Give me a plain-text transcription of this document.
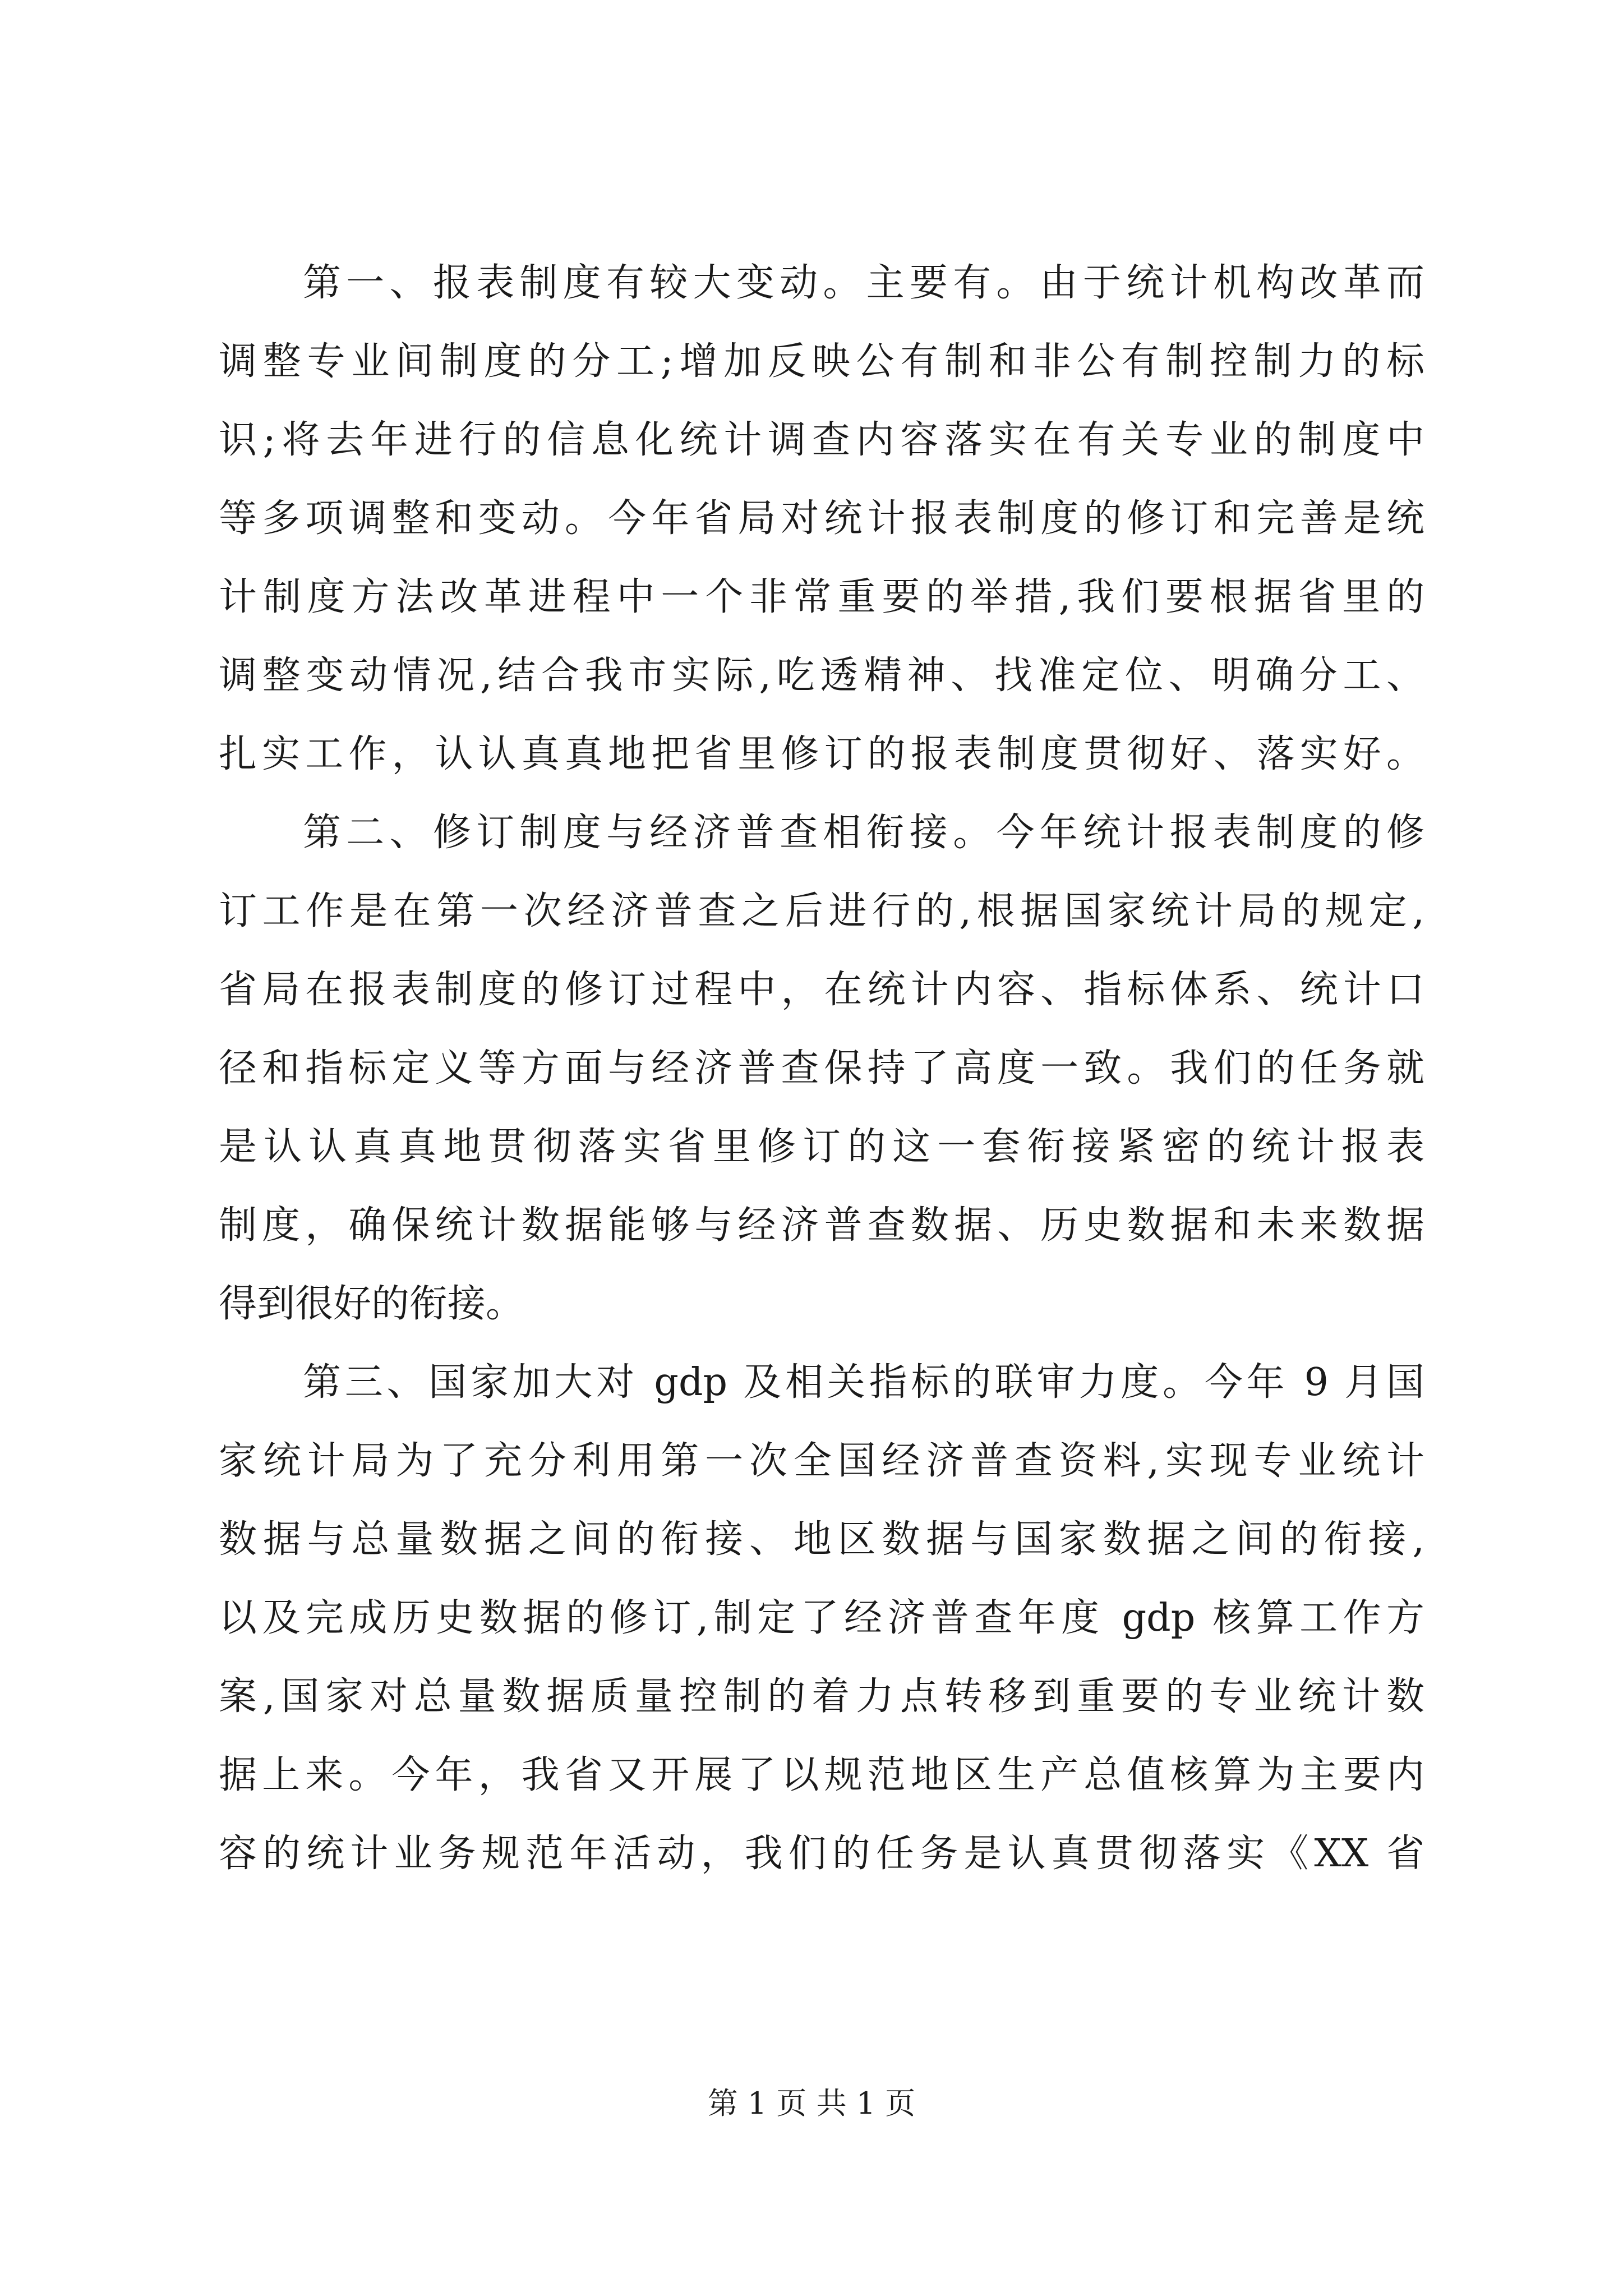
第一、报表制度有较大变动。主要有。由于统计机构改革而
调整专业间制度的分工;增加反映公有制和非公有制控制力的标
识;将去年进行的信息化统计调查内容落实在有关专业的制度中
等多项调整和变动。今年省局对统计报表制度的修订和完善是统
计制度方法改革进程中一个非常重要的举措,我们要根据省里的
调整变动情况,结合我市实际,吃透精神、找准定位、明确分工、
扎实工作，认认真真地把省里修订的报表制度贯彻好、落实好。
第二、修订制度与经济普查相衔接。今年统计报表制度的修
订工作是在第一次经济普查之后进行的,根据国家统计局的规定,
省局在报表制度的修订过程中，在统计内容、指标体系、统计口
径和指标定义等方面与经济普查保持了高度一致。我们的任务就
是认认真真地贯彻落实省里修订的这一套衔接紧密的统计报表
制度，确保统计数据能够与经济普查数据、历史数据和未来数据
得到很好的衔接。
第三、国家加大对 gdp 及相关指标的联审力度。今年 9 月国
家统计局为了充分利用第一次全国经济普查资料,实现专业统计
数据与总量数据之间的衔接、地区数据与国家数据之间的衔接,
以及完成历史数据的修订,制定了经济普查年度 gdp 核算工作方
案,国家对总量数据质量控制的着力点转移到重要的专业统计数
据上来。今年，我省又开展了以规范地区生产总值核算为主要内
容的统计业务规范年活动，我们的任务是认真贯彻落实《XX 省
第 1 页 共 1 页
